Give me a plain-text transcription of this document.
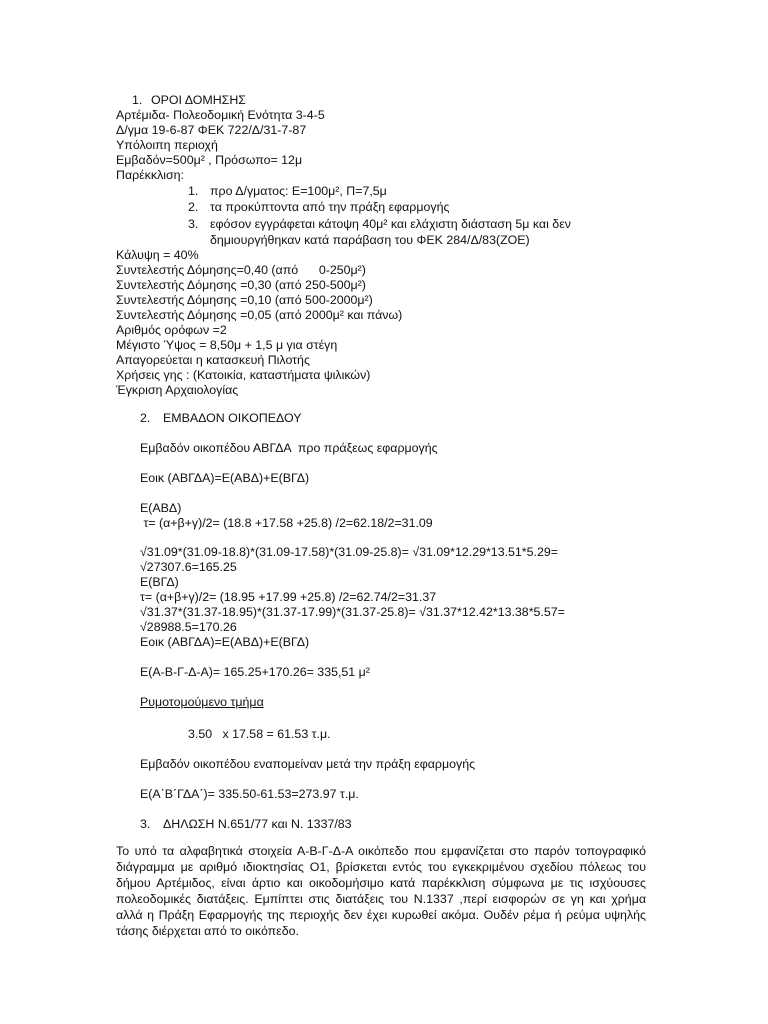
1. ΟΡΟΙ ΔΟΜΗΣΗΣ
Αρτέμιδα- Πολεοδομική Ενότητα 3-4-5
Δ/γμα 19-6-87 ΦΕΚ 722/Δ/31-7-87
Υπόλοιπη περιοχή
Εμβαδόν=500μ² , Πρόσωπο= 12μ
Παρέκκλιση:
1. προ Δ/γματος: Ε=100μ², Π=7,5μ
2. τα προκύπτοντα από την πράξη εφαρμογής
3. εφόσον εγγράφεται κάτοψη 40μ² και ελάχιστη διάσταση 5μ και δεν
δημιουργήθηκαν κατά παράβαση του ΦΕΚ 284/Δ/83(ΖΟΕ)
Κάλυψη = 40%
Συντελεστής Δόμησης=0,40 (από      0-250μ²)
Συντελεστής Δόμησης =0,30 (από 250-500μ²)
Συντελεστής Δόμησης =0,10 (από 500-2000μ²)
Συντελεστής Δόμησης =0,05 (από 2000μ² και πάνω)
Αριθμός ορόφων =2
Μέγιστο Ύψος = 8,50μ + 1,5 μ για στέγη
Απαγορεύεται η κατασκευή Πιλοτής
Χρήσεις γης : (Κατοικία, καταστήματα ψιλικών)
Έγκριση Αρχαιολογίας
2. ΕΜΒΑΔΟΝ ΟΙΚΟΠΕΔΟΥ
Εμβαδόν οικοπέδου ΑΒΓΔΑ  προ πράξεως εφαρμογής
Εοικ (ΑΒΓΔΑ)=Ε(ΑΒΔ)+Ε(ΒΓΔ)
Ε(ΑΒΔ)
τ= (α+β+γ)/2= (18.8 +17.58 +25.8) /2=62.18/2=31.09
√31.09*(31.09-18.8)*(31.09-17.58)*(31.09-25.8)= √31.09*12.29*13.51*5.29=
√27307.6=165.25
Ε(ΒΓΔ)
τ= (α+β+γ)/2= (18.95 +17.99 +25.8) /2=62.74/2=31.37
√31.37*(31.37-18.95)*(31.37-17.99)*(31.37-25.8)= √31.37*12.42*13.38*5.57=
√28988.5=170.26
Εοικ (ΑΒΓΔΑ)=Ε(ΑΒΔ)+Ε(ΒΓΔ)
Ε(Α-Β-Γ-Δ-Α)= 165.25+170.26= 335,51 μ²
Ρυμοτομούμενο τμήμα
3.50   x 17.58 = 61.53 τ.μ.
Εμβαδόν οικοπέδου εναπομείναν μετά την πράξη εφαρμογής
Ε(Α΄Β΄ΓΔΑ΄)= 335.50-61.53=273.97 τ.μ.
3. ΔΗΛΩΣΗ Ν.651/77 και Ν. 1337/83
Το υπό τα αλφαβητικά στοιχεία Α-Β-Γ-Δ-Α οικόπεδο που εμφανίζεται στο παρόν τοπογραφικό διάγραμμα με αριθμό ιδιοκτησίας Ο1, βρίσκεται εντός του εγκεκριμένου σχεδίου πόλεως του δήμου Αρτέμιδος, είναι άρτιο και οικοδομήσιμο κατά παρέκκλιση σύμφωνα με τις ισχύουσες πολεοδομικές διατάξεις. Εμπίπτει στις διατάξεις του Ν.1337 ,περί εισφορών σε γη και χρήμα αλλά η Πράξη Εφαρμογής της περιοχής δεν έχει κυρωθεί ακόμα. Ουδέν ρέμα ή ρεύμα υψηλής τάσης διέρχεται από το οικόπεδο.
